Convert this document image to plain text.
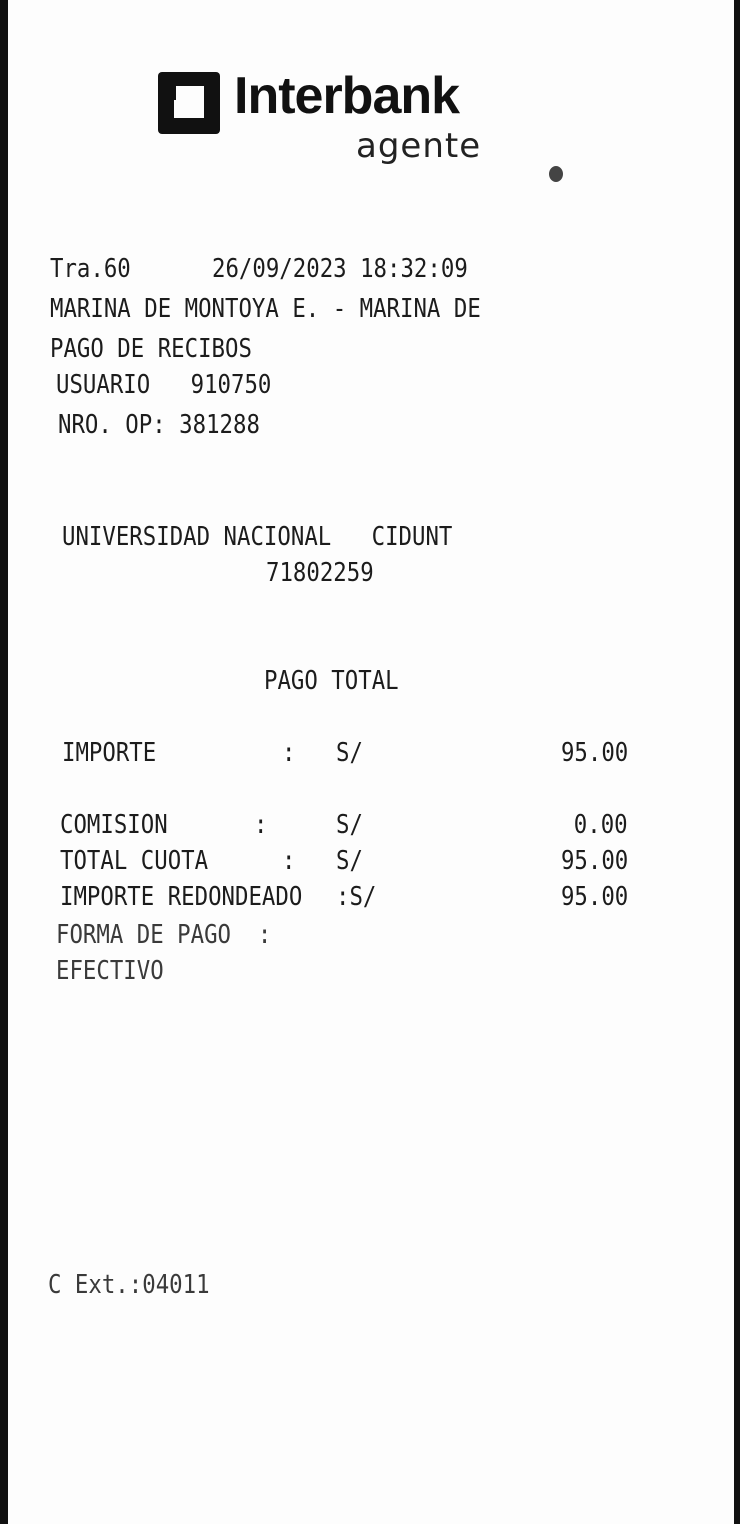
Interbank
agente
Tra.60	26/09/2023 18:32:09
MARINA DE MONTOYA E. - MARINA DE
PAGO DE RECIBOS
USUARIO   910750
NRO. OP: 381288
UNIVERSIDAD NACIONAL   CIDUNT
71802259
PAGO TOTAL
IMPORTE	: S/	95.00
COMISION	:	S/	0.00
TOTAL CUOTA	: S/	95.00
IMPORTE REDONDEADO :S/	95.00
FORMA DE PAGO  :
EFECTIVO
C Ext.:04011
